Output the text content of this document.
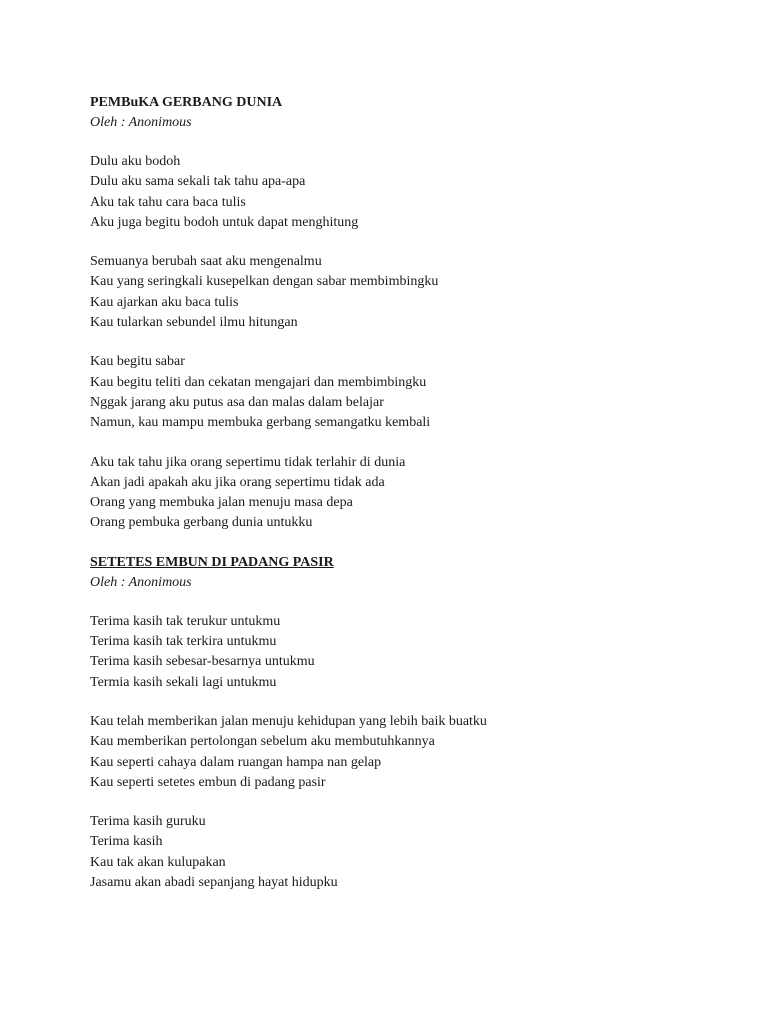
PEMBuKA GERBANG DUNIA

Oleh : Anonimous

Dulu aku bodoh

Dulu aku sama sekali tak tahu apa-apa

Aku tak tahu cara baca tulis

Aku juga begitu bodoh untuk dapat menghitung

Semuanya berubah saat aku mengenalmu

Kau yang seringkali kusepelkan dengan sabar membimbingku

Kau ajarkan aku baca tulis

Kau tularkan sebundel ilmu hitungan

Kau begitu sabar

Kau begitu teliti dan cekatan mengajari dan membimbingku

Nggak jarang aku putus asa dan malas dalam belajar

Namun, kau mampu membuka gerbang semangatku kembali

Aku tak tahu jika orang sepertimu tidak terlahir di dunia

Akan jadi apakah aku jika orang sepertimu tidak ada

Orang yang membuka jalan menuju masa depa

Orang pembuka gerbang dunia untukku

SETETES EMBUN DI PADANG PASIR

Oleh : Anonimous

Terima kasih tak terukur untukmu

Terima kasih tak terkira untukmu

Terima kasih sebesar-besarnya untukmu

Termia kasih sekali lagi untukmu

Kau telah memberikan jalan menuju kehidupan yang lebih baik buatku

Kau memberikan pertolongan sebelum aku membutuhkannya

Kau seperti cahaya dalam ruangan hampa nan gelap

Kau seperti setetes embun di padang pasir

Terima kasih guruku

Terima kasih

Kau tak akan kulupakan

Jasamu akan abadi sepanjang hayat hidupku
